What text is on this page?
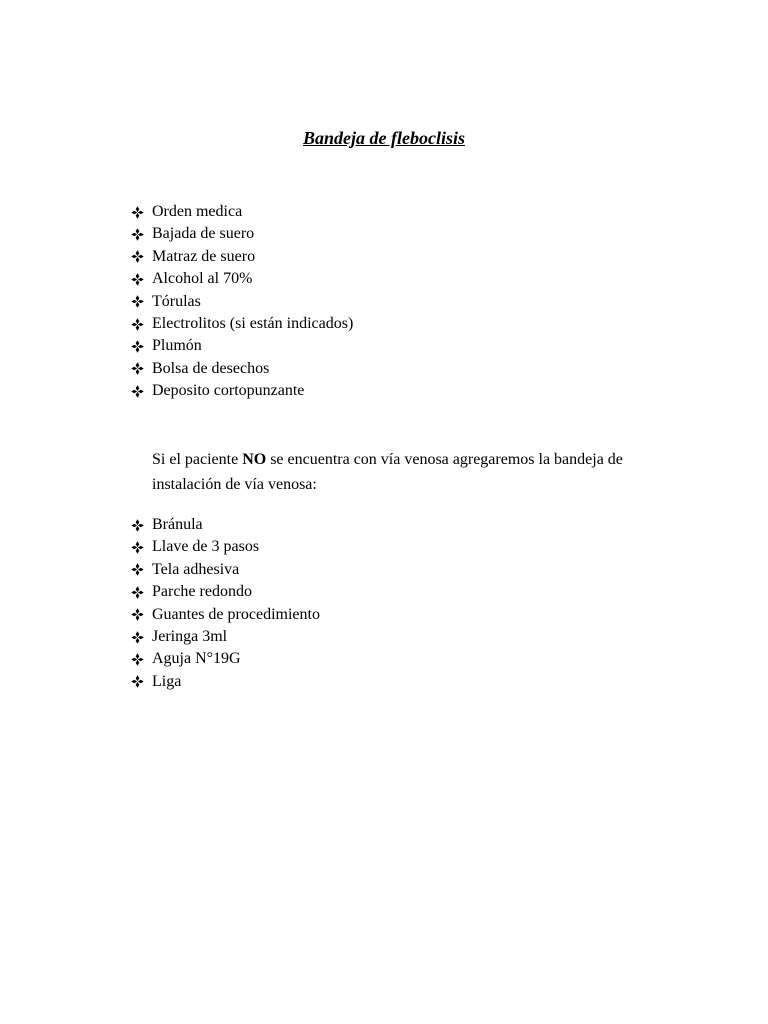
Bandeja de fleboclisis
Orden medica
Bajada de suero
Matraz de suero
Alcohol al 70%
Tórulas
Electrolitos (si están indicados)
Plumón
Bolsa de desechos
Deposito cortopunzante

Si el paciente NO se encuentra con vía venosa agregaremos la bandeja de instalación de vía venosa:

Bránula
Llave de 3 pasos
Tela adhesiva
Parche redondo
Guantes de procedimiento
Jeringa 3ml
Aguja N°19G
Liga
